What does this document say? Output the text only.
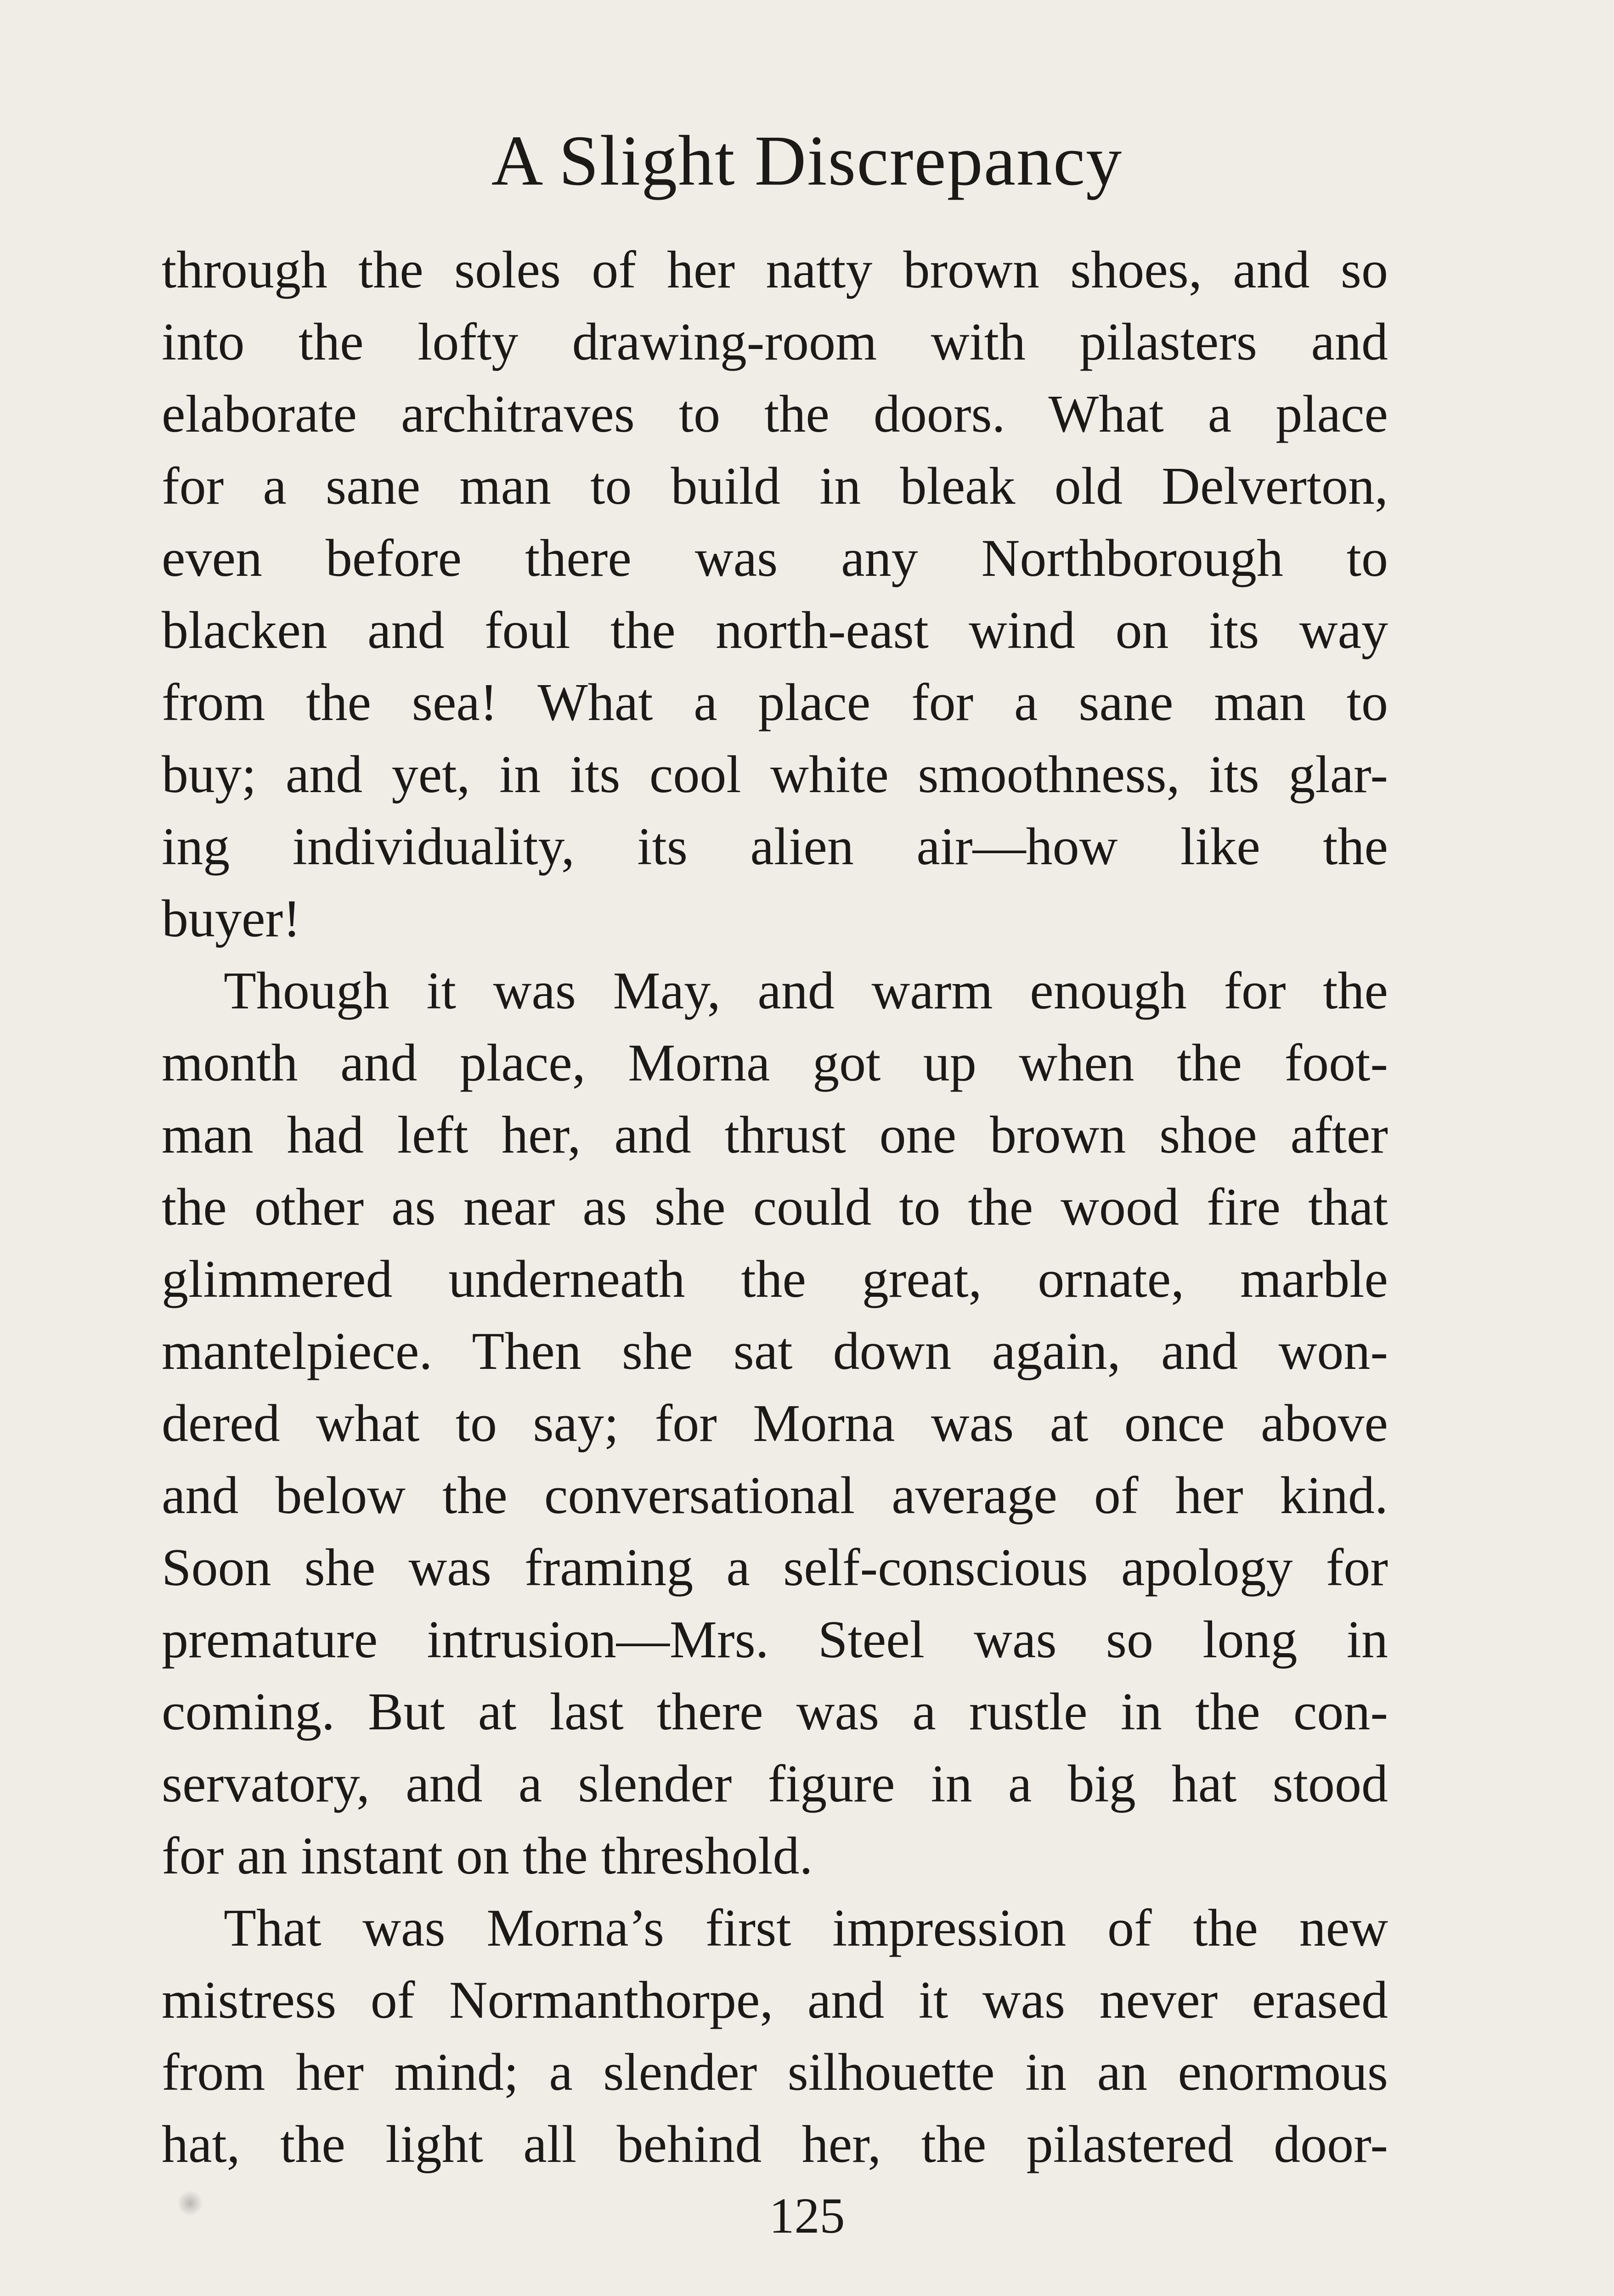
A Slight Discrepancy
through the soles of her natty brown shoes, and so
into the lofty drawing-room with pilasters and
elaborate architraves to the doors. What a place
for a sane man to build in bleak old Delverton,
even before there was any Northborough to
blacken and foul the north-east wind on its way
from the sea! What a place for a sane man to
buy; and yet, in its cool white smoothness, its glar-
ing individuality, its alien air—how like the
buyer!
Though it was May, and warm enough for the
month and place, Morna got up when the foot-
man had left her, and thrust one brown shoe after
the other as near as she could to the wood fire that
glimmered underneath the great, ornate, marble
mantelpiece. Then she sat down again, and won-
dered what to say; for Morna was at once above
and below the conversational average of her kind.
Soon she was framing a self-conscious apology for
premature intrusion—Mrs. Steel was so long in
coming. But at last there was a rustle in the con-
servatory, and a slender figure in a big hat stood
for an instant on the threshold.
That was Morna’s first impression of the new
mistress of Normanthorpe, and it was never erased
from her mind; a slender silhouette in an enormous
hat, the light all behind her, the pilastered door-
125
